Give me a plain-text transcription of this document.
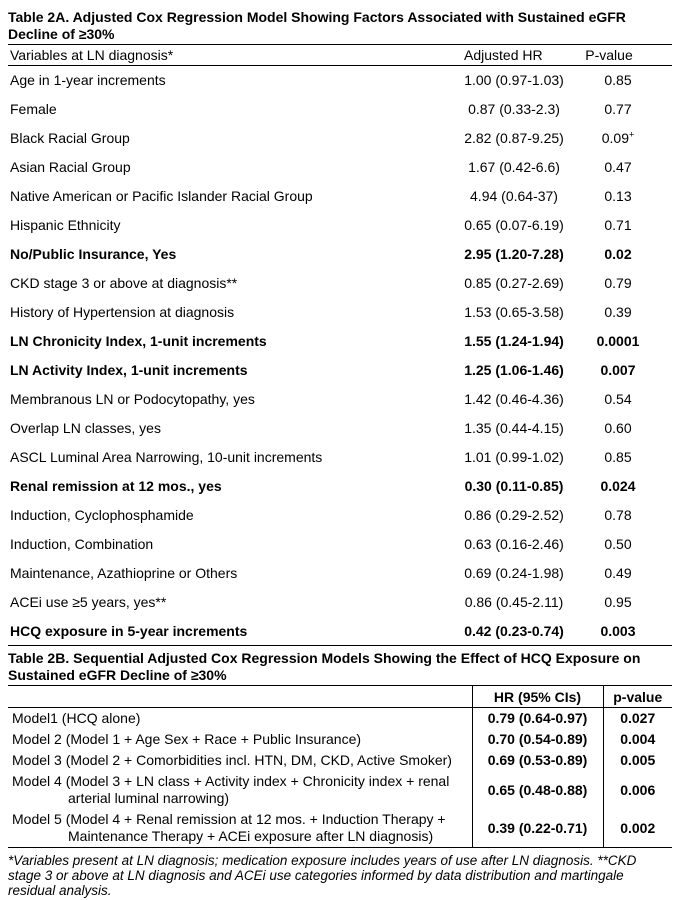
Table 2A. Adjusted Cox Regression Model Showing Factors Associated with Sustained eGFR Decline of ≥30%
Variables at LN diagnosis*	Adjusted HR	P-value
Age in 1-year increments	1.00 (0.97-1.03)	0.85
Female	0.87 (0.33-2.3)	0.77
Black Racial Group	2.82 (0.87-9.25)	0.09+
Asian Racial Group	1.67 (0.42-6.6)	0.47
Native American or Pacific Islander Racial Group	4.94 (0.64-37)	0.13
Hispanic Ethnicity	0.65 (0.07-6.19)	0.71
No/Public Insurance, Yes	2.95 (1.20-7.28)	0.02
CKD stage 3 or above at diagnosis**	0.85 (0.27-2.69)	0.79
History of Hypertension at diagnosis	1.53 (0.65-3.58)	0.39
LN Chronicity Index, 1-unit increments	1.55 (1.24-1.94)	0.0001
LN Activity Index, 1-unit increments	1.25 (1.06-1.46)	0.007
Membranous LN or Podocytopathy, yes	1.42 (0.46-4.36)	0.54
Overlap LN classes, yes	1.35 (0.44-4.15)	0.60
ASCL Luminal Area Narrowing, 10-unit increments	1.01 (0.99-1.02)	0.85
Renal remission at 12 mos., yes	0.30 (0.11-0.85)	0.024
Induction, Cyclophosphamide	0.86 (0.29-2.52)	0.78
Induction, Combination	0.63 (0.16-2.46)	0.50
Maintenance, Azathioprine or Others	0.69 (0.24-1.98)	0.49
ACEi use ≥5 years, yes**	0.86 (0.45-2.11)	0.95
HCQ exposure in 5-year increments	0.42 (0.23-0.74)	0.003
Table 2B. Sequential Adjusted Cox Regression Models Showing the Effect of HCQ Exposure on Sustained eGFR Decline of ≥30%
	HR (95% CIs)	p-value
Model1 (HCQ alone)	0.79 (0.64-0.97)	0.027
Model 2 (Model 1 + Age Sex + Race + Public Insurance)	0.70 (0.54-0.89)	0.004
Model 3 (Model 2 + Comorbidities incl. HTN, DM, CKD, Active Smoker)	0.69 (0.53-0.89)	0.005
Model 4 (Model 3 + LN class + Activity index + Chronicity index + renal arterial luminal narrowing)	0.65 (0.48-0.88)	0.006
Model 5 (Model 4 + Renal remission at 12 mos. + Induction Therapy + Maintenance Therapy + ACEi exposure after LN diagnosis)	0.39 (0.22-0.71)	0.002
*Variables present at LN diagnosis; medication exposure includes years of use after LN diagnosis. **CKD stage 3 or above at LN diagnosis and ACEi use categories informed by data distribution and martingale residual analysis.
